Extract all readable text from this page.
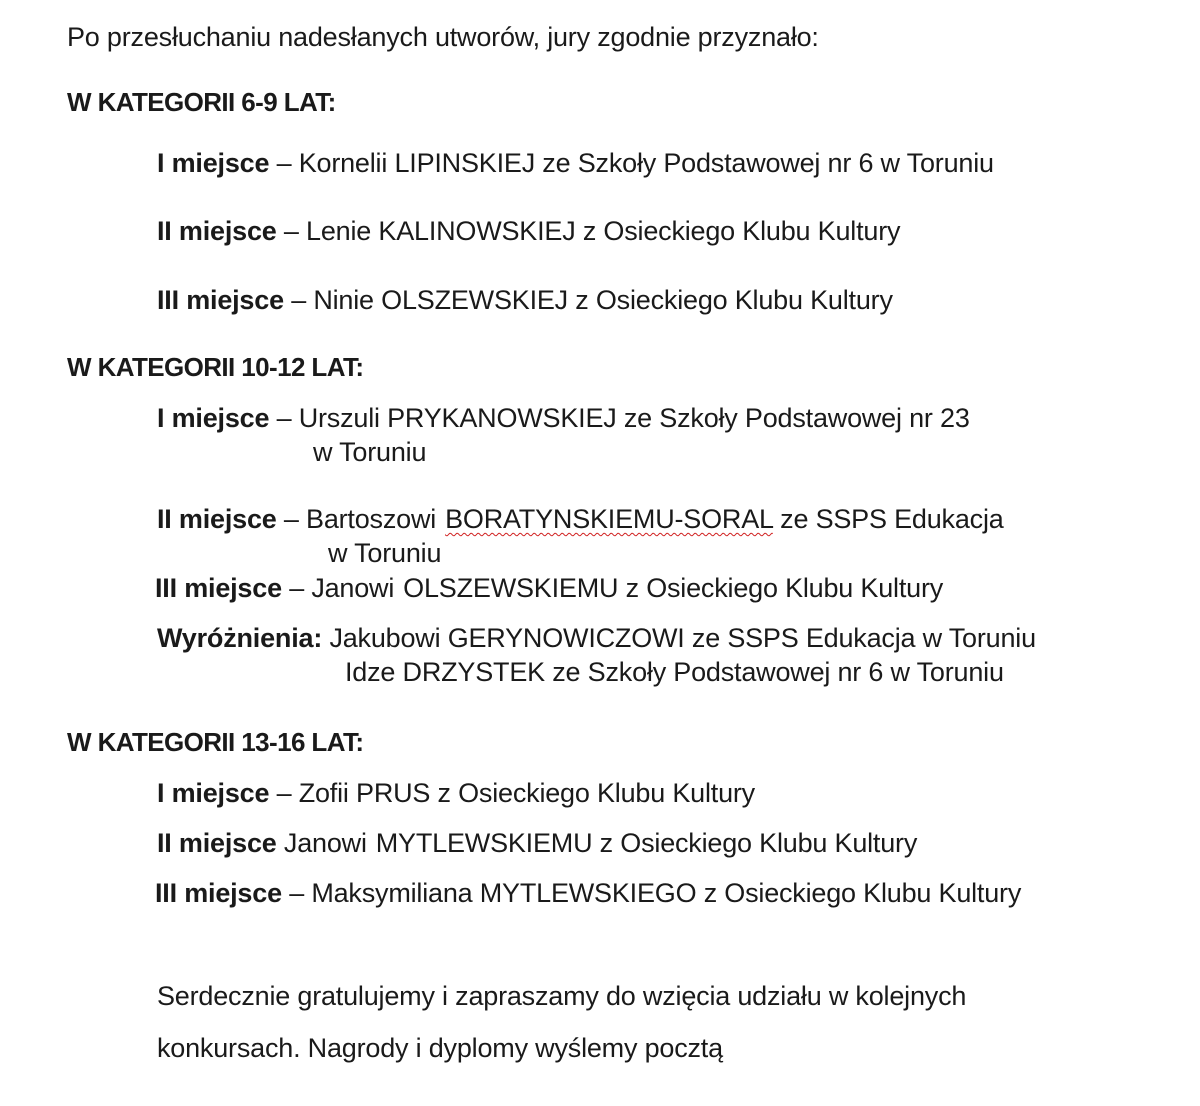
Po przesłuchaniu nadesłanych utworów, jury zgodnie przyznało:
W KATEGORII 6-9 LAT:
I miejsce – Kornelii LIPINSKIEJ ze Szkoły Podstawowej nr 6 w Toruniu
II miejsce – Lenie KALINOWSKIEJ z Osieckiego Klubu Kultury
III miejsce – Ninie OLSZEWSKIEJ z Osieckiego Klubu Kultury
W KATEGORII 10-12 LAT:
I miejsce – Urszuli PRYKANOWSKIEJ ze Szkoły Podstawowej nr 23
w Toruniu
II miejsce – Bartoszowi BORATYNSKIEMU-SORAL ze SSPS Edukacja
w Toruniu
III miejsce – Janowi OLSZEWSKIEMU z Osieckiego Klubu Kultury
Wyróżnienia: Jakubowi GERYNOWICZOWI ze SSPS Edukacja w Toruniu
Idze DRZYSTEK ze Szkoły Podstawowej nr 6 w Toruniu
W KATEGORII 13-16 LAT:
I miejsce – Zofii PRUS z Osieckiego Klubu Kultury
II miejsce Janowi MYTLEWSKIEMU z Osieckiego Klubu Kultury
III miejsce – Maksymiliana MYTLEWSKIEGO z Osieckiego Klubu Kultury
Serdecznie gratulujemy i zapraszamy do wzięcia udziału w kolejnych
konkursach. Nagrody i dyplomy wyślemy pocztą
